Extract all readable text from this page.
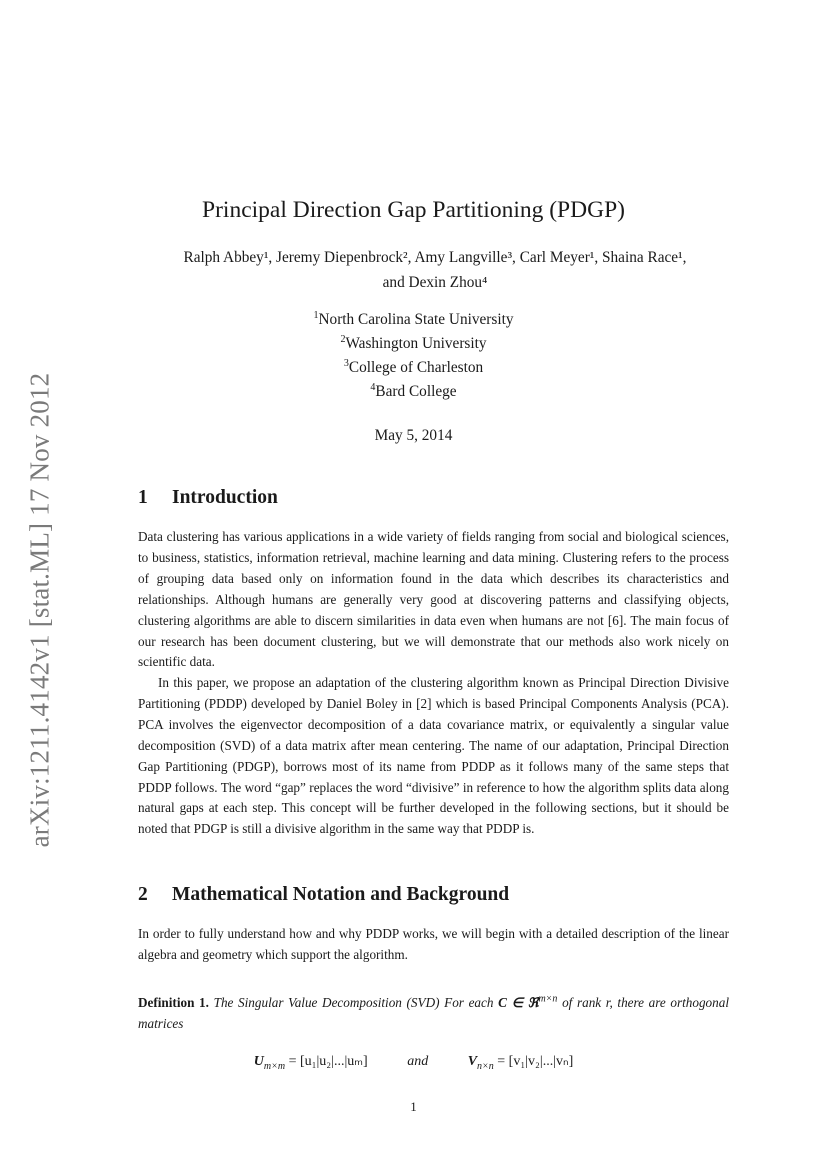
arXiv:1211.4142v1 [stat.ML] 17 Nov 2012
Principal Direction Gap Partitioning (PDGP)
Ralph Abbey¹, Jeremy Diepenbrock², Amy Langville³, Carl Meyer¹, Shaina Race¹,
and Dexin Zhou⁴
$^1$North Carolina State University
$^2$Washington University
$^3$College of Charleston
$^4$Bard College
May 5, 2014
1 Introduction

Data clustering has various applications in a wide variety of fields ranging from social and biological sciences, to business, statistics, information retrieval, machine learning and data mining. Clustering refers to the process of grouping data based only on information found in the data which describes its characteristics and relationships. Although humans are generally very good at discovering patterns and classifying objects, clustering algorithms are able to discern similarities in data even when humans are not [6]. The main focus of our research has been document clustering, but we will demonstrate that our methods also work nicely on scientific data.

In this paper, we propose an adaptation of the clustering algorithm known as Principal Direction Divisive Partitioning (PDDP) developed by Daniel Boley in [2] which is based Principal Components Analysis (PCA). PCA involves the eigenvector decomposition of a data covariance matrix, or equivalently a singular value decomposition (SVD) of a data matrix after mean centering. The name of our adaptation, Principal Direction Gap Partitioning (PDGP), borrows most of its name from PDDP as it follows many of the same steps that PDDP follows. The word “gap” replaces the word “divisive” in reference to how the algorithm splits data along natural gaps at each step. This concept will be further developed in the following sections, but it should be noted that PDGP is still a divisive algorithm in the same way that PDDP is.

2 Mathematical Notation and Background

In order to fully understand how and why PDDP works, we will begin with a detailed description of the linear algebra and geometry which support the algorithm.

Definition 1. The Singular Value Decomposition (SVD) For each C ∈ ℜ$^{m\times n}$ of rank r, there are orthogonal matrices
$U_{m\times m} = [u_1|u_2|...|u_m]$	and	$V_{n\times n} = [v_1|v_2|...|v_n]$
1
